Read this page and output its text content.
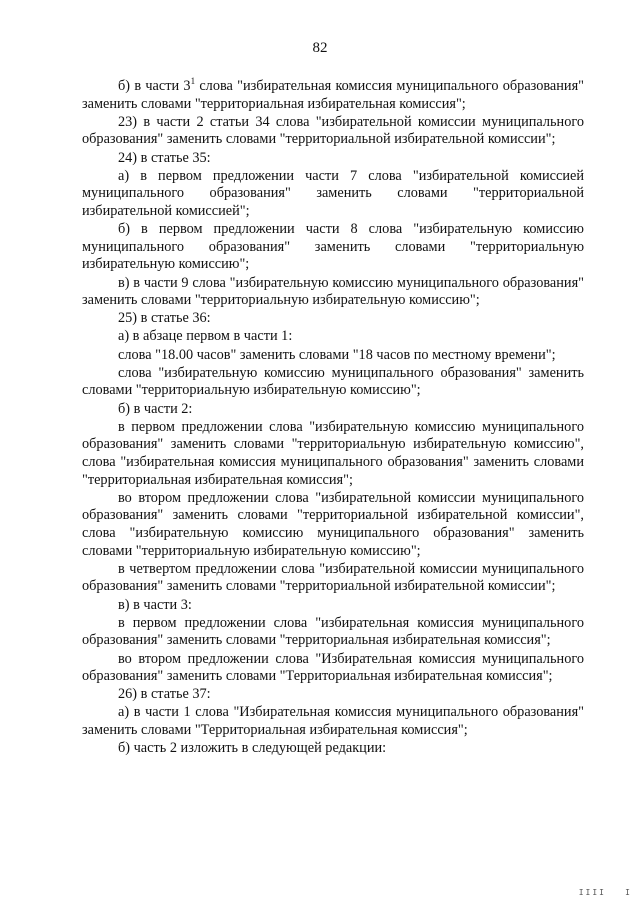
82

б) в части $3^1$ слова "избирательная комиссия муниципального образования" заменить словами "территориальная избирательная комиссия";

23) в части 2 статьи 34 слова "избирательной комиссии муниципального образования" заменить словами "территориальной избирательной комиссии";

24) в статье 35:

а) в первом предложении части 7 слова "избирательной комиссией муниципального образования" заменить словами "территориальной избирательной комиссией";

б) в первом предложении части 8 слова "избирательную комиссию муниципального образования" заменить словами "территориальную избирательную комиссию";

в) в части 9 слова "избирательную комиссию муниципального образования" заменить словами "территориальную избирательную комиссию";

25) в статье 36:

а) в абзаце первом в части 1:

слова "18.00 часов" заменить словами "18 часов по местному времени";

слова "избирательную комиссию муниципального образования" заменить словами "территориальную избирательную комиссию";

б) в части 2:

в первом предложении слова "избирательную комиссию муниципального образования" заменить словами "территориальную избирательную комиссию", слова "избирательная комиссия муниципального образования" заменить словами "территориальная избирательная комиссия";

во втором предложении слова "избирательной комиссии муниципального образования" заменить словами "территориальной избирательной комиссии", слова "избирательную комиссию муниципального образования" заменить словами "территориальную избирательную комиссию";

в четвертом предложении слова "избирательной комиссии муниципального образования" заменить словами "территориальной избирательной комиссии";

в) в части 3:

в первом предложении слова "избирательная комиссия муниципального образования" заменить словами "территориальная избирательная комиссия";

во втором предложении слова "Избирательная комиссия муниципального образования" заменить словами "Территориальная избирательная комиссия";

26) в статье 37:

а) в части 1 слова "Избирательная комиссия муниципального образования" заменить словами "Территориальная избирательная комиссия";

б) часть 2 изложить в следующей редакции:

IIII I
